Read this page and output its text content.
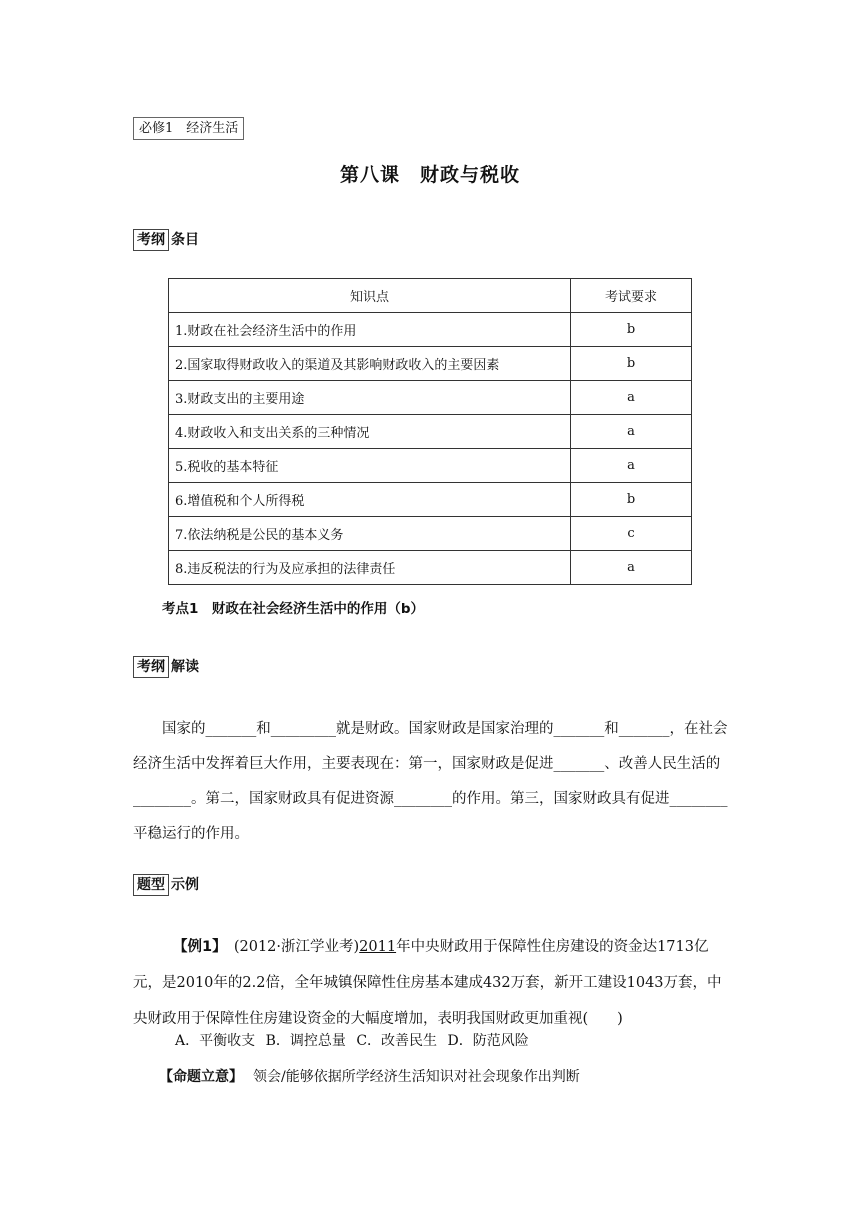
必修1　经济生活
第八课　财政与税收
考纲 条目
知识点	考试要求
1.财政在社会经济生活中的作用	b
2.国家取得财政收入的渠道及其影响财政收入的主要因素	b
3.财政支出的主要用途	a
4.财政收入和支出关系的三种情况	a
5.税收的基本特征	a
6.增值税和个人所得税	b
7.依法纳税是公民的基本义务	c
8.违反税法的行为及应承担的法律责任	a
考点1　财政在社会经济生活中的作用（b）
考纲 解读
国家的_______和_________就是财政。国家财政是国家治理的_______和_______，在社会经济生活中发挥着巨大作用，主要表现在：第一，国家财政是促进_______、改善人民生活的________。第二，国家财政具有促进资源________的作用。第三，国家财政具有促进________平稳运行的作用。
题型 示例
【例1】　 (2012·浙江学业考)2011年中央财政用于保障性住房建设的资金达1713亿元，是2010年的2.2倍，全年城镇保障性住房基本建成432万套，新开工建设1043万套，中央财政用于保障性住房建设资金的大幅度增加，表明我国财政更加重视(　　)
A．平衡收支 B．调控总量 C．改善民生 D．防范风险
【命题立意】 领会/能够依据所学经济生活知识对社会现象作出判断
